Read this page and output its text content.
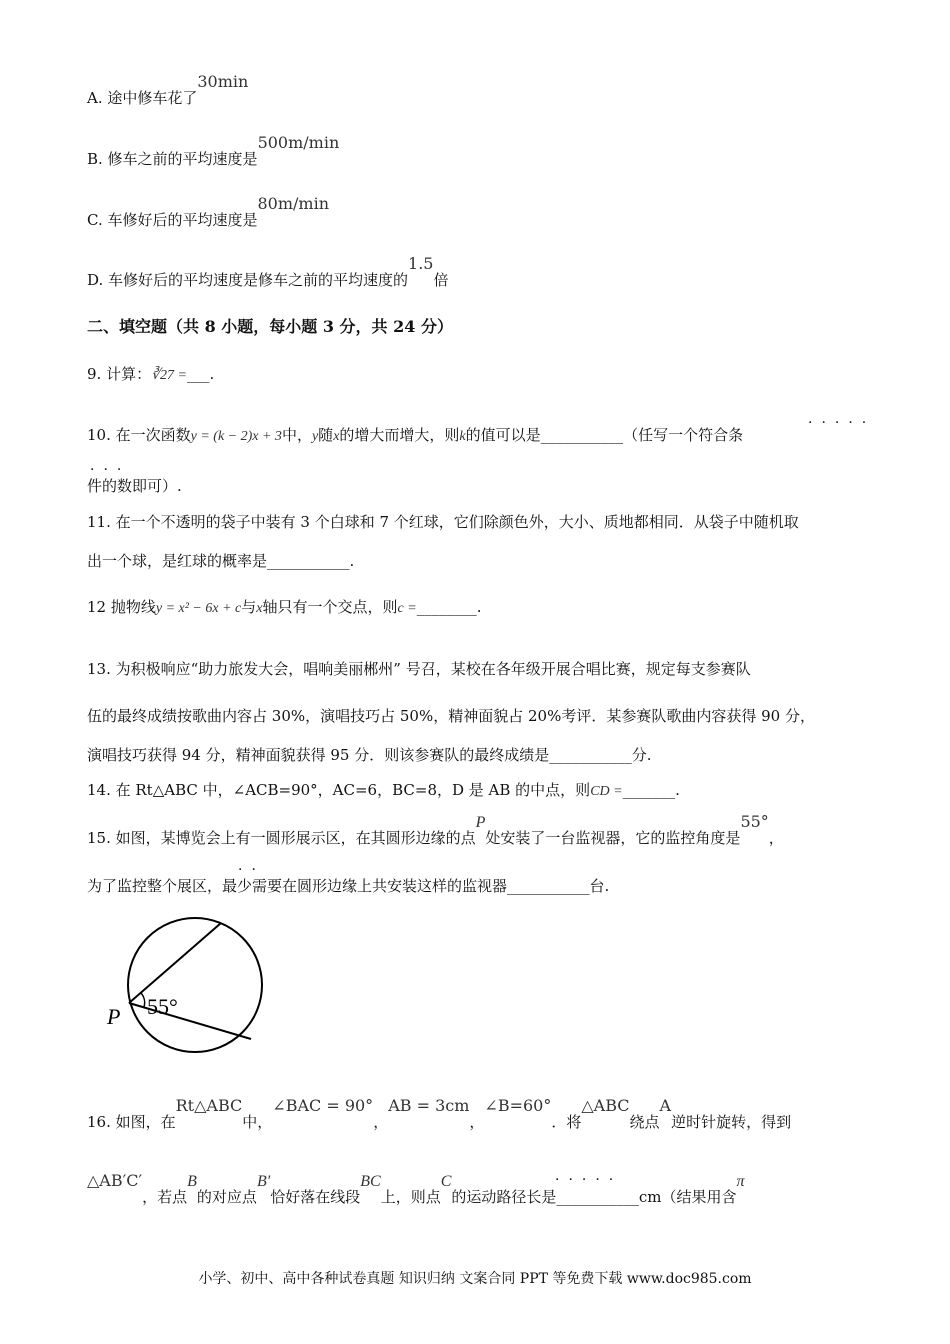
A. 途中修车花了30min
B. 修车之前的平均速度是500m/min
C. 车修好后的平均速度是80m/min
D. 车修好后的平均速度是修车之前的平均速度的1.5倍
二、填空题（共 8 小题，每小题 3 分，共 24 分）
9. 计算：∛27 =___.
·····
10. 在一次函数y = (k − 2)x + 3中，y随x的增大而增大，则k的值可以是___________（任写一个符合条
···
件的数即可）.
11. 在一个不透明的袋子中装有 3 个白球和 7 个红球，它们除颜色外，大小、质地都相同．从袋子中随机取
出一个球，是红球的概率是___________.
12 抛物线y = x² − 6x + c与x轴只有一个交点，则c =________.
13. 为积极响应“助力旅发大会，唱响美丽郴州” 号召，某校在各年级开展合唱比赛，规定每支参赛队
伍的最终成绩按歌曲内容占 30%，演唱技巧占 50%，精神面貌占 20%考评．某参赛队歌曲内容获得 90 分，
演唱技巧获得 94 分，精神面貌获得 95 分．则该参赛队的最终成绩是___________分.
14. 在 Rt△ABC 中，∠ACB=90°，AC=6，BC=8，D 是 AB 的中点，则CD =_______.
15. 如图，某博览会上有一圆形展示区，在其圆形边缘的点P处安装了一台监视器，它的监控角度是55°，
··
为了监控整个展区，最少需要在圆形边缘上共安装这样的监视器___________台.
P 55°
16. 如图，在Rt△ABC中，∠BAC = 90°，AB = 3cm，∠B=60°．将△ABC绕点A逆时针旋转，得到
·····
△AB′C′，若点B的对应点B′恰好落在线段BC上，则点C的运动路径长是___________cm（结果用含π
小学、初中、高中各种试卷真题 知识归纳 文案合同 PPT 等免费下载 www.doc985.com
